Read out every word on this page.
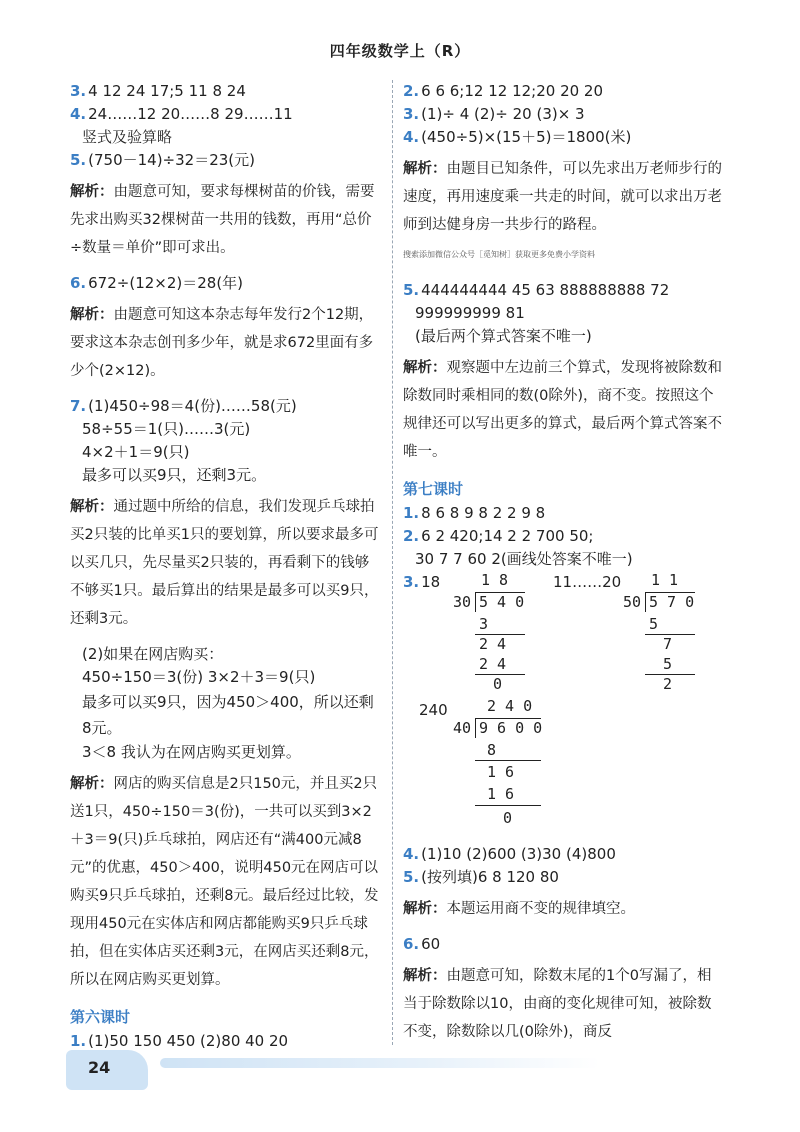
四年级数学上（R）
3. 4 12 24 17;5 11 8 24
4. 24……12 20……8 29……11
竖式及验算略
5. (750－14)÷32＝23(元)
解析：由题意可知，要求每棵树苗的价钱，需要先求出购买32棵树苗一共用的钱数，再用“总价÷数量＝单价”即可求出。
6. 672÷(12×2)＝28(年)
解析：由题意可知这本杂志每年发行2个12期，要求这本杂志创刊多少年，就是求672里面有多少个(2×12)。
7. (1)450÷98＝4(份)……58(元)
58÷55＝1(只)……3(元)
4×2＋1＝9(只)
最多可以买9只，还剩3元。
解析：通过题中所给的信息，我们发现乒乓球拍买2只装的比单买1只的要划算，所以要求最多可以买几只，先尽量买2只装的，再看剩下的钱够不够买1只。最后算出的结果是最多可以买9只，还剩3元。
(2)如果在网店购买：
450÷150＝3(份) 3×2＋3＝9(只)
最多可以买9只，因为450＞400，所以还剩8元。
3＜8 我认为在网店购买更划算。
解析：网店的购买信息是2只150元，并且买2只送1只，450÷150＝3(份)，一共可以买到3×2＋3＝9(只)乒乓球拍，网店还有“满400元减8元”的优惠，450＞400，说明450元在网店可以购买9只乒乓球拍，还剩8元。最后经过比较，发现用450元在实体店和网店都能购买9只乒乓球拍，但在实体店买还剩3元，在网店买还剩8元，所以在网店购买更划算。
第六课时
1. (1)50 150 450 (2)80 40 20
2. 6 6 6;12 12 12;20 20 20
3. (1)÷ 4 (2)÷ 20 (3)× 3
4. (450÷5)×(15＋5)＝1800(米)
解析：由题目已知条件，可以先求出万老师步行的速度，再用速度乘一共走的时间，就可以求出万老师到达健身房一共步行的路程。 搜索添加微信公众号［觅知树］获取更多免费小学资料
5. 444444444 45 63 888888888 72
999999999 81
(最后两个算式答案不唯一)
解析：观察题中左边前三个算式，发现将被除数和除数同时乘相同的数(0除外)，商不变。按照这个规律还可以写出更多的算式，最后两个算式答案不唯一。
第七课时
1. 8 6 8 9 8 2 2 9 8
2. 6 2 420;14 2 2 700 50;
30 7 7 60 2(画线处答案不唯一)
3. 18	11……20
1 8
30 5 4 0
3
2 4
2 4
0
1 1
50 5 7 0
5
7
5
2
240	2 4 0
40 9 6 0 0
8
1 6
1 6
0
4. (1)10 (2)600 (3)30 (4)800
5. (按列填)6 8 120 80
解析：本题运用商不变的规律填空。
6. 60
解析：由题意可知，除数末尾的1个0写漏了，相当于除数除以10，由商的变化规律可知，被除数不变，除数除以几(0除外)，商反
24
